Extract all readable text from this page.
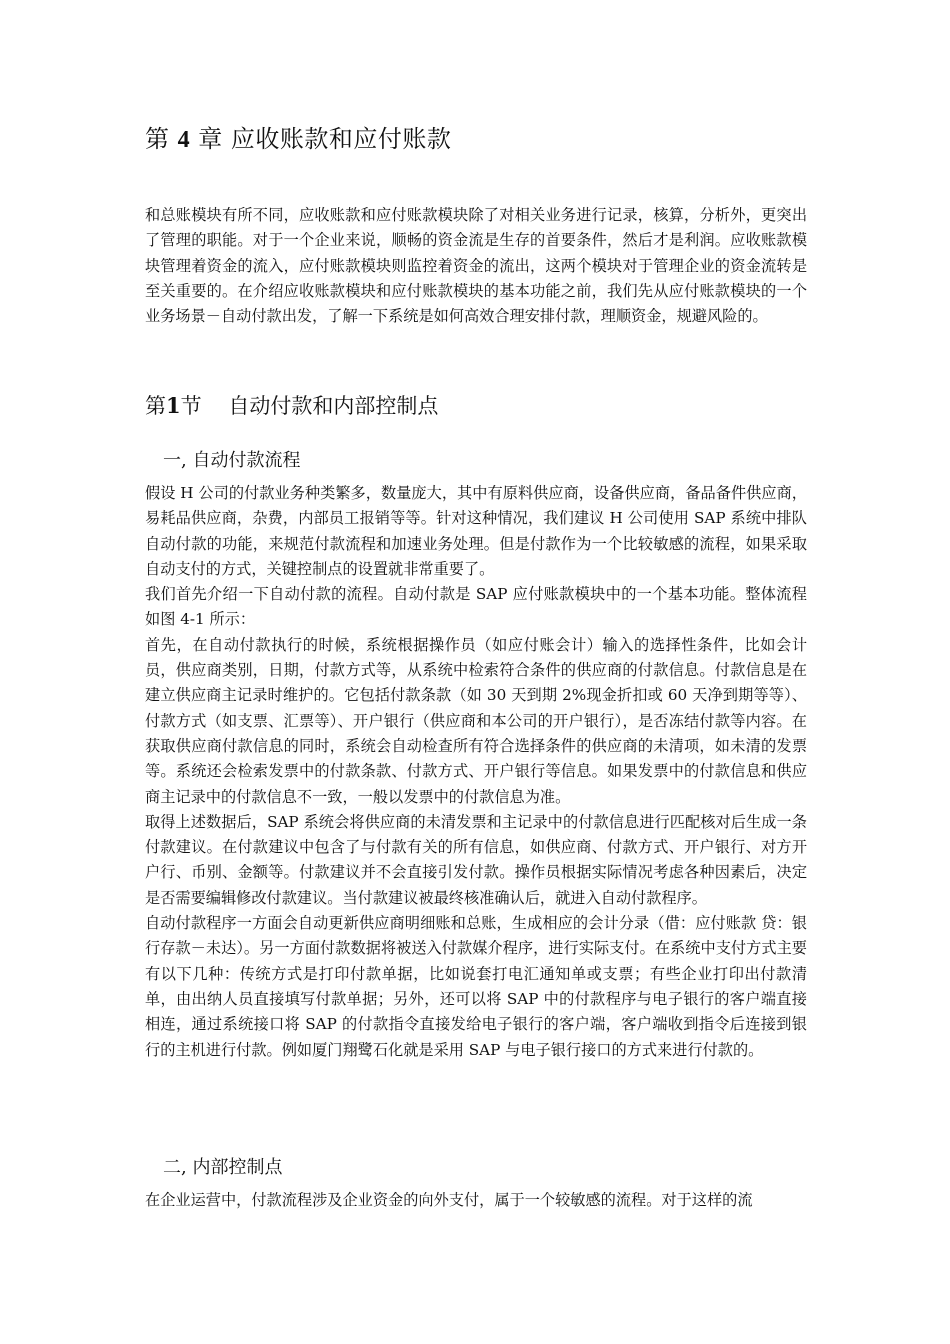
第 4 章 应收账款和应付账款

和总账模块有所不同，应收账款和应付账款模块除了对相关业务进行记录，核算，分析外，更突出了管理的职能。对于一个企业来说，顺畅的资金流是生存的首要条件，然后才是利润。应收账款模块管理着资金的流入，应付账款模块则监控着资金的流出，这两个模块对于管理企业的资金流转是至关重要的。在介绍应收账款模块和应付账款模块的基本功能之前，我们先从应付账款模块的一个业务场景－自动付款出发，了解一下系统是如何高效合理安排付款，理顺资金，规避风险的。

第1节    自动付款和内部控制点
一, 自动付款流程

假设 H 公司的付款业务种类繁多，数量庞大，其中有原料供应商，设备供应商，备品备件供应商，易耗品供应商，杂费，内部员工报销等等。针对这种情况，我们建议 H 公司使用 SAP 系统中排队自动付款的功能，来规范付款流程和加速业务处理。但是付款作为一个比较敏感的流程，如果采取自动支付的方式，关键控制点的设置就非常重要了。

我们首先介绍一下自动付款的流程。自动付款是 SAP 应付账款模块中的一个基本功能。整体流程如图 4-1 所示：

首先，在自动付款执行的时候，系统根据操作员（如应付账会计）输入的选择性条件，比如会计员，供应商类别，日期，付款方式等，从系统中检索符合条件的供应商的付款信息。付款信息是在建立供应商主记录时维护的。它包括付款条款（如 30 天到期 2%现金折扣或 60 天净到期等等）、付款方式（如支票、汇票等）、开户银行（供应商和本公司的开户银行），是否冻结付款等内容。在获取供应商付款信息的同时，系统会自动检查所有符合选择条件的供应商的未清项，如未清的发票等。系统还会检索发票中的付款条款、付款方式、开户银行等信息。如果发票中的付款信息和供应商主记录中的付款信息不一致，一般以发票中的付款信息为准。

取得上述数据后，SAP 系统会将供应商的未清发票和主记录中的付款信息进行匹配核对后生成一条付款建议。在付款建议中包含了与付款有关的所有信息，如供应商、付款方式、开户银行、对方开户行、币别、金额等。付款建议并不会直接引发付款。操作员根据实际情况考虑各种因素后，决定是否需要编辑修改付款建议。当付款建议被最终核准确认后，就进入自动付款程序。

自动付款程序一方面会自动更新供应商明细账和总账，生成相应的会计分录（借：应付账款 贷：银行存款－未达）。另一方面付款数据将被送入付款媒介程序，进行实际支付。在系统中支付方式主要有以下几种：传统方式是打印付款单据，比如说套打电汇通知单或支票；有些企业打印出付款清单，由出纳人员直接填写付款单据；另外，还可以将 SAP 中的付款程序与电子银行的客户端直接相连，通过系统接口将 SAP 的付款指令直接发给电子银行的客户端，客户端收到指令后连接到银行的主机进行付款。例如厦门翔鹭石化就是采用 SAP 与电子银行接口的方式来进行付款的。

二, 内部控制点

在企业运营中，付款流程涉及企业资金的向外支付，属于一个较敏感的流程。对于这样的流
